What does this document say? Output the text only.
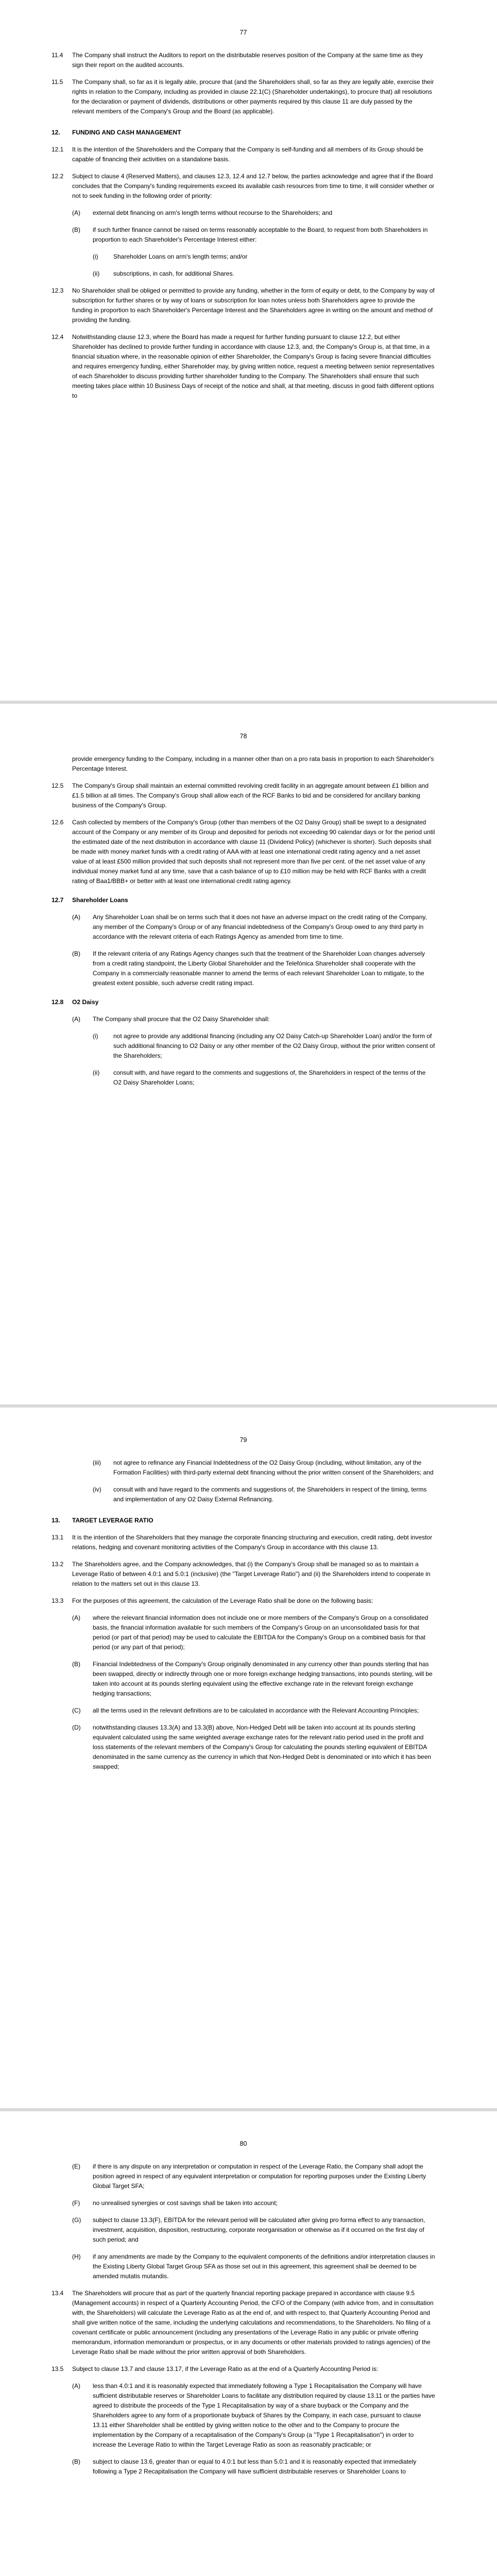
77
11.4	The Company shall instruct the Auditors to report on the distributable reserves position of the Company at the same time as they sign their report on the audited accounts.
11.5	The Company shall, so far as it is legally able, procure that (and the Shareholders shall, so far as they are legally able, exercise their rights in relation to the Company, including as provided in clause 22.1(C) (Shareholder undertakings), to procure that) all resolutions for the declaration or payment of dividends, distributions or other payments required by this clause 11 are duly passed by the relevant members of the Company's Group and the Board (as applicable).
12.	FUNDING AND CASH MANAGEMENT
12.1	It is the intention of the Shareholders and the Company that the Company is self-funding and all members of its Group should be capable of financing their activities on a standalone basis.
12.2	Subject to clause 4 (Reserved Matters), and clauses 12.3, 12.4 and 12.7 below, the parties acknowledge and agree that if the Board concludes that the Company's funding requirements exceed its available cash resources from time to time, it will consider whether or not to seek funding in the following order of priority:
(A)	external debt financing on arm's length terms without recourse to the Shareholders; and
(B)	if such further finance cannot be raised on terms reasonably acceptable to the Board, to request from both Shareholders in proportion to each Shareholder's Percentage Interest either:
(i)	Shareholder Loans on arm's length terms; and/or
(ii)	subscriptions, in cash, for additional Shares.
12.3	No Shareholder shall be obliged or permitted to provide any funding, whether in the form of equity or debt, to the Company by way of subscription for further shares or by way of loans or subscription for loan notes unless both Shareholders agree to provide the funding in proportion to each Shareholder's Percentage Interest and the Shareholders agree in writing on the amount and method of providing the funding.
12.4	Notwithstanding clause 12.3, where the Board has made a request for further funding pursuant to clause 12.2, but either Shareholder has declined to provide further funding in accordance with clause 12.3, and, the Company's Group is, at that time, in a financial situation where, in the reasonable opinion of either Shareholder, the Company's Group is facing severe financial difficulties and requires emergency funding, either Shareholder may, by giving written notice, request a meeting between senior representatives of each Shareholder to discuss providing further shareholder funding to the Company. The Shareholders shall ensure that such meeting takes place within 10 Business Days of receipt of the notice and shall, at that meeting, discuss in good faith different options to
78
provide emergency funding to the Company, including in a manner other than on a pro rata basis in proportion to each Shareholder's Percentage Interest.
12.5	The Company's Group shall maintain an external committed revolving credit facility in an aggregate amount between £1 billion and £1.5 billion at all times. The Company's Group shall allow each of the RCF Banks to bid and be considered for ancillary banking business of the Company's Group.
12.6	Cash collected by members of the Company's Group (other than members of the O2 Daisy Group) shall be swept to a designated account of the Company or any member of its Group and deposited for periods not exceeding 90 calendar days or for the period until the estimated date of the next distribution in accordance with clause 11 (Dividend Policy) (whichever is shorter). Such deposits shall be made with money market funds with a credit rating of AAA with at least one international credit rating agency and a net asset value of at least £500 million provided that such deposits shall not represent more than five per cent. of the net asset value of any individual money market fund at any time, save that a cash balance of up to £10 million may be held with RCF Banks with a credit rating of Baa1/BBB+ or better with at least one international credit rating agency.
12.7	Shareholder Loans
(A)	Any Shareholder Loan shall be on terms such that it does not have an adverse impact on the credit rating of the Company, any member of the Company's Group or of any financial indebtedness of the Company's Group owed to any third party in accordance with the relevant criteria of each Ratings Agency as amended from time to time.
(B)	If the relevant criteria of any Ratings Agency changes such that the treatment of the Shareholder Loan changes adversely from a credit rating standpoint, the Liberty Global Shareholder and the Telefónica Shareholder shall cooperate with the Company in a commercially reasonable manner to amend the terms of each relevant Shareholder Loan to mitigate, to the greatest extent possible, such adverse credit rating impact.
12.8	O2 Daisy
(A)	The Company shall procure that the O2 Daisy Shareholder shall:
(i)	not agree to provide any additional financing (including any O2 Daisy Catch-up Shareholder Loan) and/or the form of such additional financing to O2 Daisy or any other member of the O2 Daisy Group, without the prior written consent of the Shareholders;
(ii)	consult with, and have regard to the comments and suggestions of, the Shareholders in respect of the terms of the O2 Daisy Shareholder Loans;
79
(iii)	not agree to refinance any Financial Indebtedness of the O2 Daisy Group (including, without limitation, any of the Formation Facilities) with third-party external debt financing without the prior written consent of the Shareholders; and
(iv)	consult with and have regard to the comments and suggestions of, the Shareholders in respect of the timing, terms and implementation of any O2 Daisy External Refinancing.
13.	TARGET LEVERAGE RATIO
13.1	It is the intention of the Shareholders that they manage the corporate financing structuring and execution, credit rating, debt investor relations, hedging and covenant monitoring activities of the Company's Group in accordance with this clause 13.
13.2	The Shareholders agree, and the Company acknowledges, that (i) the Company's Group shall be managed so as to maintain a Leverage Ratio of between 4.0:1 and 5.0:1 (inclusive) (the "Target Leverage Ratio") and (ii) the Shareholders intend to cooperate in relation to the matters set out in this clause 13.
13.3	For the purposes of this agreement, the calculation of the Leverage Ratio shall be done on the following basis:
(A)	where the relevant financial information does not include one or more members of the Company's Group on a consolidated basis, the financial information available for such members of the Company's Group on an unconsolidated basis for that period (or part of that period) may be used to calculate the EBITDA for the Company's Group on a combined basis for that period (or any part of that period);
(B)	Financial Indebtedness of the Company's Group originally denominated in any currency other than pounds sterling that has been swapped, directly or indirectly through one or more foreign exchange hedging transactions, into pounds sterling, will be taken into account at its pounds sterling equivalent using the effective exchange rate in the relevant foreign exchange hedging transactions;
(C)	all the terms used in the relevant definitions are to be calculated in accordance with the Relevant Accounting Principles;
(D)	notwithstanding clauses 13.3(A) and 13.3(B) above, Non-Hedged Debt will be taken into account at its pounds sterling equivalent calculated using the same weighted average exchange rates for the relevant ratio period used in the profit and loss statements of the relevant members of the Company's Group for calculating the pounds sterling equivalent of EBITDA denominated in the same currency as the currency in which that Non-Hedged Debt is denominated or into which it has been swapped;
80
(E)	if there is any dispute on any interpretation or computation in respect of the Leverage Ratio, the Company shall adopt the position agreed in respect of any equivalent interpretation or computation for reporting purposes under the Existing Liberty Global Target SFA;
(F)	no unrealised synergies or cost savings shall be taken into account;
(G)	subject to clause 13.3(F), EBITDA for the relevant period will be calculated after giving pro forma effect to any transaction, investment, acquisition, disposition, restructuring, corporate reorganisation or otherwise as if it occurred on the first day of such period; and
(H)	if any amendments are made by the Company to the equivalent components of the definitions and/or interpretation clauses in the Existing Liberty Global Target Group SFA as those set out in this agreement, this agreement shall be deemed to be amended mutatis mutandis.
13.4	The Shareholders will procure that as part of the quarterly financial reporting package prepared in accordance with clause 9.5 (Management accounts) in respect of a Quarterly Accounting Period, the CFO of the Company (with advice from, and in consultation with, the Shareholders) will calculate the Leverage Ratio as at the end of, and with respect to, that Quarterly Accounting Period and shall give written notice of the same, including the underlying calculations and recommendations, to the Shareholders. No filing of a covenant certificate or public announcement (including any presentations of the Leverage Ratio in any public or private offering memorandum, information memorandum or prospectus, or in any documents or other materials provided to ratings agencies) of the Leverage Ratio shall be made without the prior written approval of both Shareholders.
13.5	Subject to clause 13.7 and clause 13.17, if the Leverage Ratio as at the end of a Quarterly Accounting Period is:
(A)	less than 4.0:1 and it is reasonably expected that immediately following a Type 1 Recapitalisation the Company will have sufficient distributable reserves or Shareholder Loans to facilitate any distribution required by clause 13.11 or the parties have agreed to distribute the proceeds of the Type 1 Recapitalisation by way of a share buyback or the Company and the Shareholders agree to any form of a proportionate buyback of Shares by the Company, in each case, pursuant to clause 13.11 either Shareholder shall be entitled by giving written notice to the other and to the Company to procure the implementation by the Company of a recapitalisation of the Company's Group (a "Type 1 Recapitalisation") in order to increase the Leverage Ratio to within the Target Leverage Ratio as soon as reasonably practicable; or
(B)	subject to clause 13.6, greater than or equal to 4.0:1 but less than 5.0:1 and it is reasonably expected that immediately following a Type 2 Recapitalisation the Company will have sufficient distributable reserves or Shareholder Loans to
